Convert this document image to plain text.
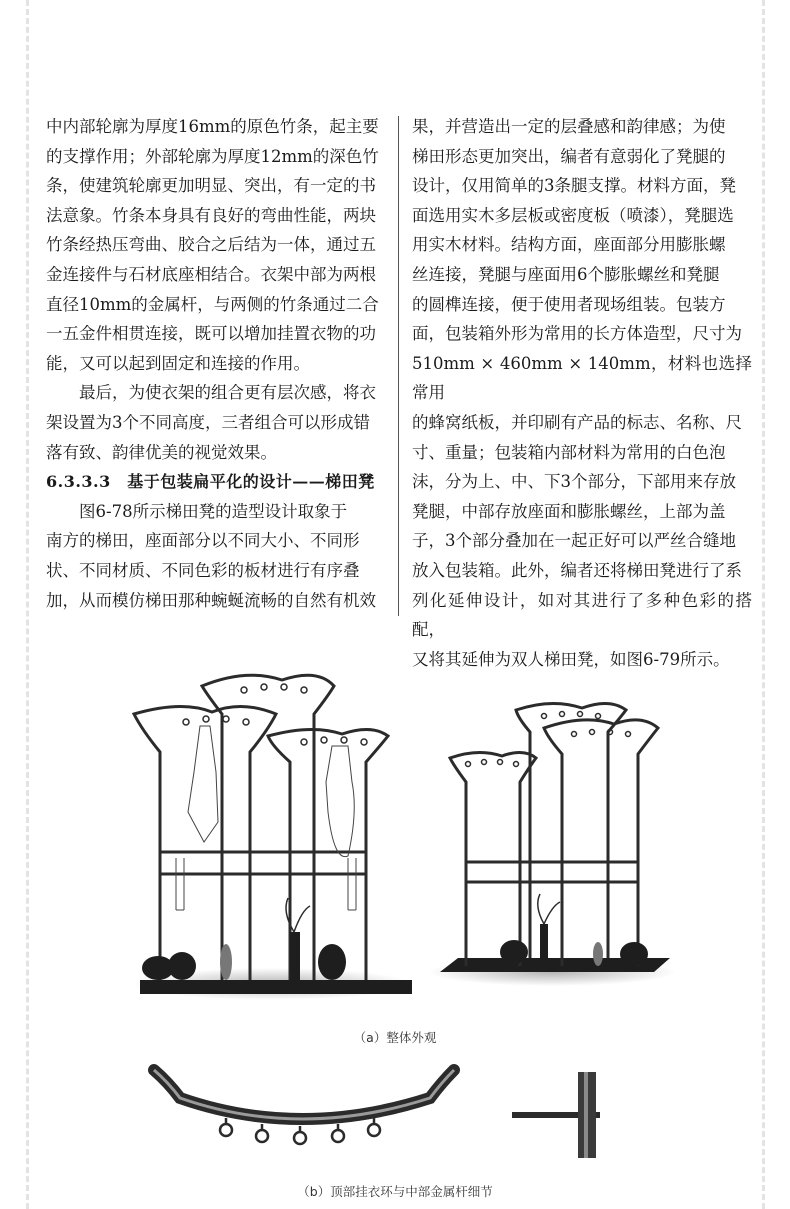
中内部轮廓为厚度16mm的原色竹条，起主要
的支撑作用；外部轮廓为厚度12mm的深色竹
条，使建筑轮廓更加明显、突出，有一定的书
法意象。竹条本身具有良好的弯曲性能，两块
竹条经热压弯曲、胶合之后结为一体，通过五
金连接件与石材底座相结合。衣架中部为两根
直径10mm的金属杆，与两侧的竹条通过二合
一五金件相贯连接，既可以增加挂置衣物的功
能，又可以起到固定和连接的作用。

最后，为使衣架的组合更有层次感，将衣
架设置为3个不同高度，三者组合可以形成错
落有致、韵律优美的视觉效果。

6.3.3.3　基于包装扁平化的设计——梯田凳

图6-78所示梯田凳的造型设计取象于
南方的梯田，座面部分以不同大小、不同形
状、不同材质、不同色彩的板材进行有序叠
加，从而模仿梯田那种蜿蜒流畅的自然有机效

果，并营造出一定的层叠感和韵律感；为使
梯田形态更加突出，编者有意弱化了凳腿的
设计，仅用简单的3条腿支撑。材料方面，凳
面选用实木多层板或密度板（喷漆），凳腿选
用实木材料。结构方面，座面部分用膨胀螺
丝连接，凳腿与座面用6个膨胀螺丝和凳腿
的圆榫连接，便于使用者现场组装。包装方
面，包装箱外形为常用的长方体造型，尺寸为
510mm × 460mm × 140mm，材料也选择常用
的蜂窝纸板，并印刷有产品的标志、名称、尺
寸、重量；包装箱内部材料为常用的白色泡
沫，分为上、中、下3个部分，下部用来存放
凳腿，中部存放座面和膨胀螺丝，上部为盖
子，3个部分叠加在一起正好可以严丝合缝地
放入包装箱。此外，编者还将梯田凳进行了系
列化延伸设计，如对其进行了多种色彩的搭配，
又将其延伸为双人梯田凳，如图6-79所示。

（a）整体外观
（b）顶部挂衣环与中部金属杆细节
